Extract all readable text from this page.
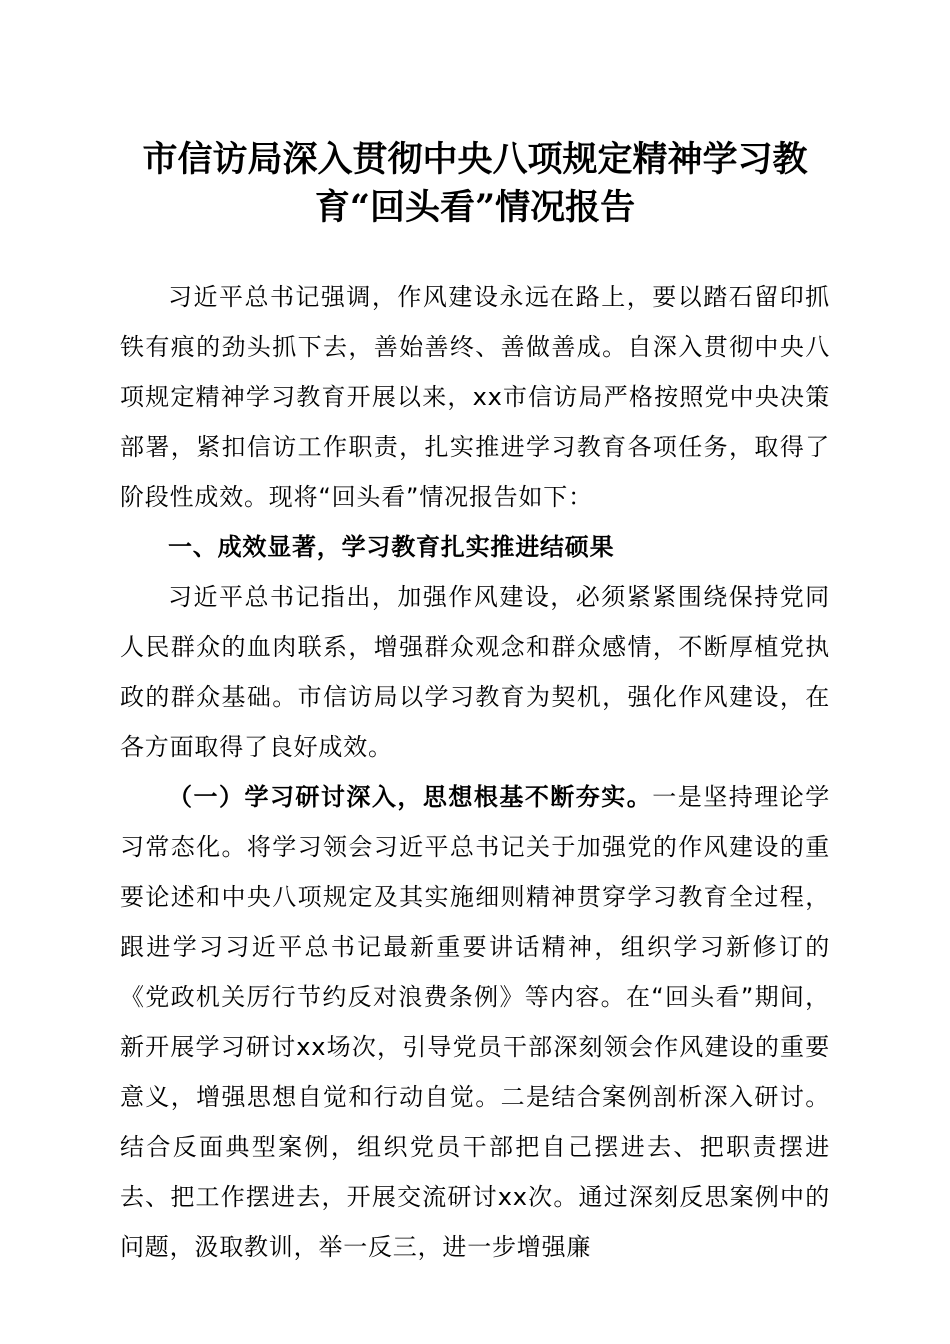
市信访局深入贯彻中央八项规定精神学习教
育“回头看”情况报告

习近平总书记强调，作风建设永远在路上，要以踏石留印抓铁有痕的劲头抓下去，善始善终、善做善成。自深入贯彻中央八项规定精神学习教育开展以来，xx市信访局严格按照党中央决策部署，紧扣信访工作职责，扎实推进学习教育各项任务，取得了阶段性成效。现将“回头看”情况报告如下：

一、成效显著，学习教育扎实推进结硕果

习近平总书记指出，加强作风建设，必须紧紧围绕保持党同人民群众的血肉联系，增强群众观念和群众感情，不断厚植党执政的群众基础。市信访局以学习教育为契机，强化作风建设，在各方面取得了良好成效。

（一）学习研讨深入，思想根基不断夯实。一是坚持理论学习常态化。将学习领会习近平总书记关于加强党的作风建设的重要论述和中央八项规定及其实施细则精神贯穿学习教育全过程，跟进学习习近平总书记最新重要讲话精神，组织学习新修订的《党政机关厉行节约反对浪费条例》等内容。在“回头看”期间，新开展学习研讨xx场次，引导党员干部深刻领会作风建设的重要意义，增强思想自觉和行动自觉。二是结合案例剖析深入研讨。结合反面典型案例，组织党员干部把自己摆进去、把职责摆进去、把工作摆进去，开展交流研讨xx次。通过深刻反思案例中的问题，汲取教训，举一反三，进一步增强廉
